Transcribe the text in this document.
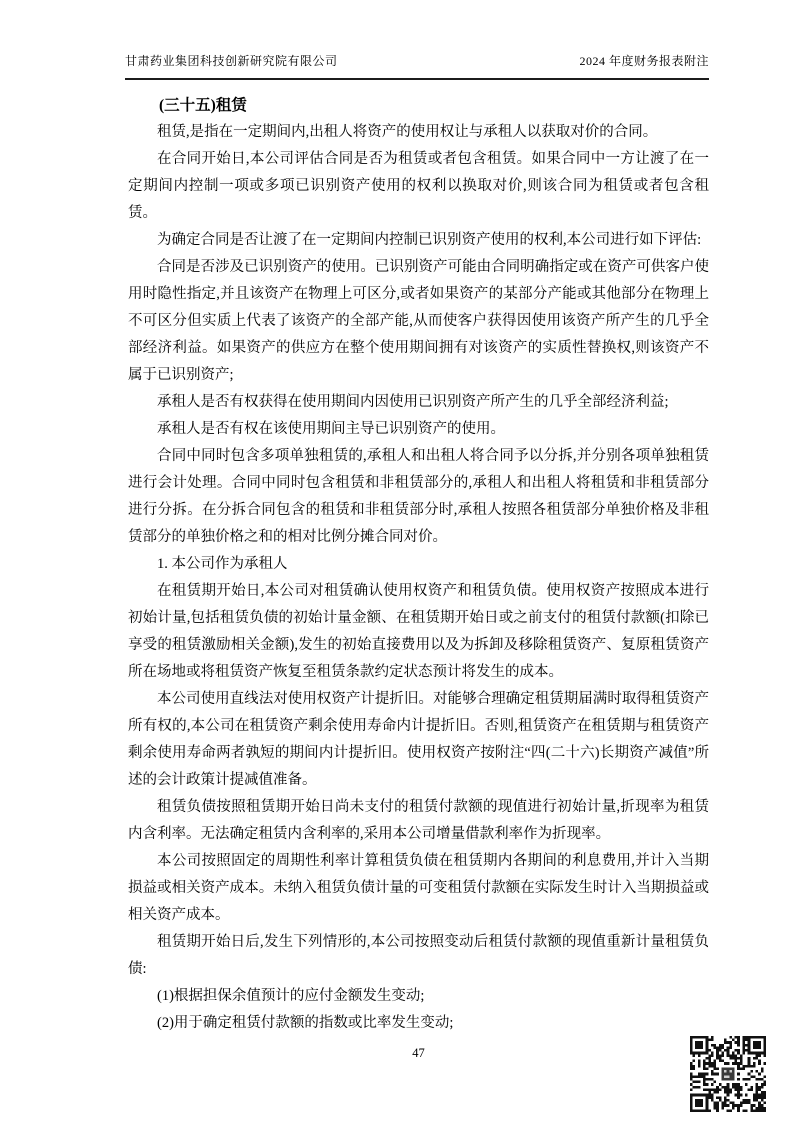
甘肃药业集团科技创新研究院有限公司	2024 年度财务报表附注
(三十五)租赁

租赁,是指在一定期间内,出租人将资产的使用权让与承租人以获取对价的合同。

在合同开始日,本公司评估合同是否为租赁或者包含租赁。如果合同中一方让渡了在一定期间内控制一项或多项已识别资产使用的权利以换取对价,则该合同为租赁或者包含租赁。

为确定合同是否让渡了在一定期间内控制已识别资产使用的权利,本公司进行如下评估:

合同是否涉及已识别资产的使用。已识别资产可能由合同明确指定或在资产可供客户使用时隐性指定,并且该资产在物理上可区分,或者如果资产的某部分产能或其他部分在物理上不可区分但实质上代表了该资产的全部产能,从而使客户获得因使用该资产所产生的几乎全部经济利益。如果资产的供应方在整个使用期间拥有对该资产的实质性替换权,则该资产不属于已识别资产;

承租人是否有权获得在使用期间内因使用已识别资产所产生的几乎全部经济利益;

承租人是否有权在该使用期间主导已识别资产的使用。

合同中同时包含多项单独租赁的,承租人和出租人将合同予以分拆,并分别各项单独租赁进行会计处理。合同中同时包含租赁和非租赁部分的,承租人和出租人将租赁和非租赁部分进行分拆。在分拆合同包含的租赁和非租赁部分时,承租人按照各租赁部分单独价格及非租赁部分的单独价格之和的相对比例分摊合同对价。

1. 本公司作为承租人

在租赁期开始日,本公司对租赁确认使用权资产和租赁负债。使用权资产按照成本进行初始计量,包括租赁负债的初始计量金额、在租赁期开始日或之前支付的租赁付款额(扣除已享受的租赁激励相关金额),发生的初始直接费用以及为拆卸及移除租赁资产、复原租赁资产所在场地或将租赁资产恢复至租赁条款约定状态预计将发生的成本。

本公司使用直线法对使用权资产计提折旧。对能够合理确定租赁期届满时取得租赁资产所有权的,本公司在租赁资产剩余使用寿命内计提折旧。否则,租赁资产在租赁期与租赁资产剩余使用寿命两者孰短的期间内计提折旧。使用权资产按附注“四(二十六)长期资产减值”所述的会计政策计提减值准备。

租赁负债按照租赁期开始日尚未支付的租赁付款额的现值进行初始计量,折现率为租赁内含利率。无法确定租赁内含利率的,采用本公司增量借款利率作为折现率。

本公司按照固定的周期性利率计算租赁负债在租赁期内各期间的利息费用,并计入当期损益或相关资产成本。未纳入租赁负债计量的可变租赁付款额在实际发生时计入当期损益或相关资产成本。

租赁期开始日后,发生下列情形的,本公司按照变动后租赁付款额的现值重新计量租赁负债:

(1)根据担保余值预计的应付金额发生变动;

(2)用于确定租赁付款额的指数或比率发生变动;

47
